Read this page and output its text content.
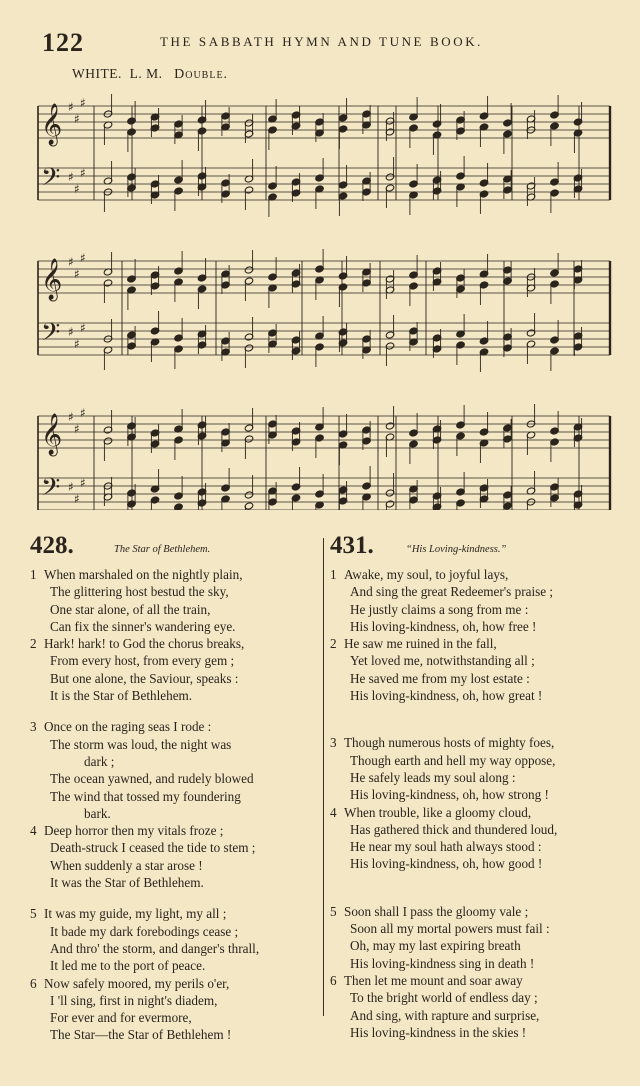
122	THE SABBATH HYMN AND TUNE BOOK.
WHITE. L. M. Double.
𝄞 ♯
♯
♯
𝄢 ♯
♯
♯
𝄞 ♯
♯
♯
𝄢 ♯
♯
♯
𝄞 ♯
♯
♯
𝄢 ♯
♯
♯
428.	The Star of Bethlehem.
1 When marshaled on the nightly plain,
The glittering host bestud the sky,
One star alone, of all the train,
Can fix the sinner's wandering eye.
2 Hark! hark! to God the chorus breaks,
From every host, from every gem ;
But one alone, the Saviour, speaks :
It is the Star of Bethlehem.
3 Once on the raging seas I rode :
The storm was loud, the night was
dark ;
The ocean yawned, and rudely blowed
The wind that tossed my foundering
bark.
4 Deep horror then my vitals froze ;
Death-struck I ceased the tide to stem ;
When suddenly a star arose !
It was the Star of Bethlehem.
5 It was my guide, my light, my all ;
It bade my dark forebodings cease ;
And thro' the storm, and danger's thrall,
It led me to the port of peace.
6 Now safely moored, my perils o'er,
I 'll sing, first in night's diadem,
For ever and for evermore,
The Star—the Star of Bethlehem !
431.	“His Loving-kindness.”
1 Awake, my soul, to joyful lays,
And sing the great Redeemer's praise ;
He justly claims a song from me :
His loving-kindness, oh, how free !
2 He saw me ruined in the fall,
Yet loved me, notwithstanding all ;
He saved me from my lost estate :
His loving-kindness, oh, how great !
3 Though numerous hosts of mighty foes,
Though earth and hell my way oppose,
He safely leads my soul along :
His loving-kindness, oh, how strong !
4 When trouble, like a gloomy cloud,
Has gathered thick and thundered loud,
He near my soul hath always stood :
His loving-kindness, oh, how good !
5 Soon shall I pass the gloomy vale ;
Soon all my mortal powers must fail :
Oh, may my last expiring breath
His loving-kindness sing in death !
6 Then let me mount and soar away
To the bright world of endless day ;
And sing, with rapture and surprise,
His loving-kindness in the skies !
